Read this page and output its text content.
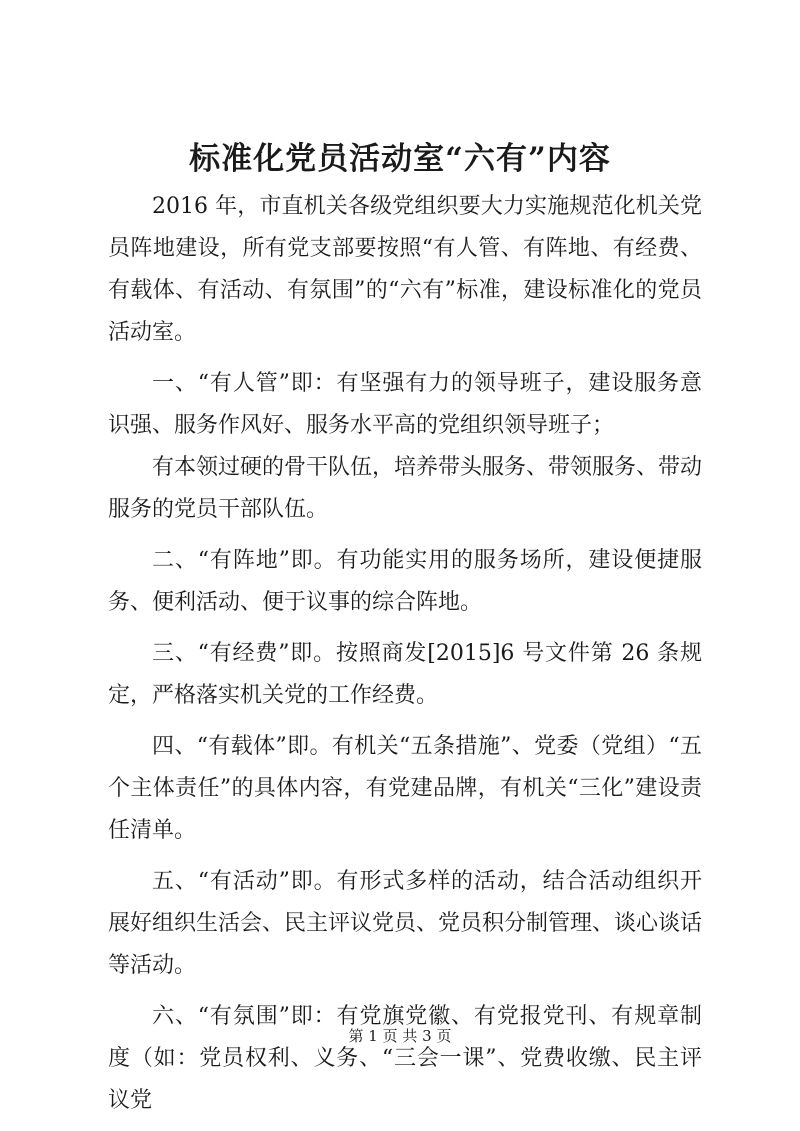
标准化党员活动室“六有”内容

2016 年，市直机关各级党组织要大力实施规范化机关党员阵地建设，所有党支部要按照“有人管、有阵地、有经费、有载体、有活动、有氛围”的“六有”标准，建设标准化的党员活动室。

一、“有人管”即：有坚强有力的领导班子，建设服务意识强、服务作风好、服务水平高的党组织领导班子；

有本领过硬的骨干队伍，培养带头服务、带领服务、带动服务的党员干部队伍。

二、“有阵地”即。有功能实用的服务场所，建设便捷服务、便利活动、便于议事的综合阵地。

三、“有经费”即。按照商发[2015]6 号文件第 26 条规定，严格落实机关党的工作经费。

四、“有载体”即。有机关“五条措施”、党委（党组）“五个主体责任”的具体内容，有党建品牌，有机关“三化”建设责任清单。

五、“有活动”即。有形式多样的活动，结合活动组织开展好组织生活会、民主评议党员、党员积分制管理、谈心谈话等活动。

六、“有氛围”即：有党旗党徽、有党报党刊、有规章制度（如：党员权利、义务、“三会一课”、党费收缴、民主评议党

第 1 页 共 3 页
